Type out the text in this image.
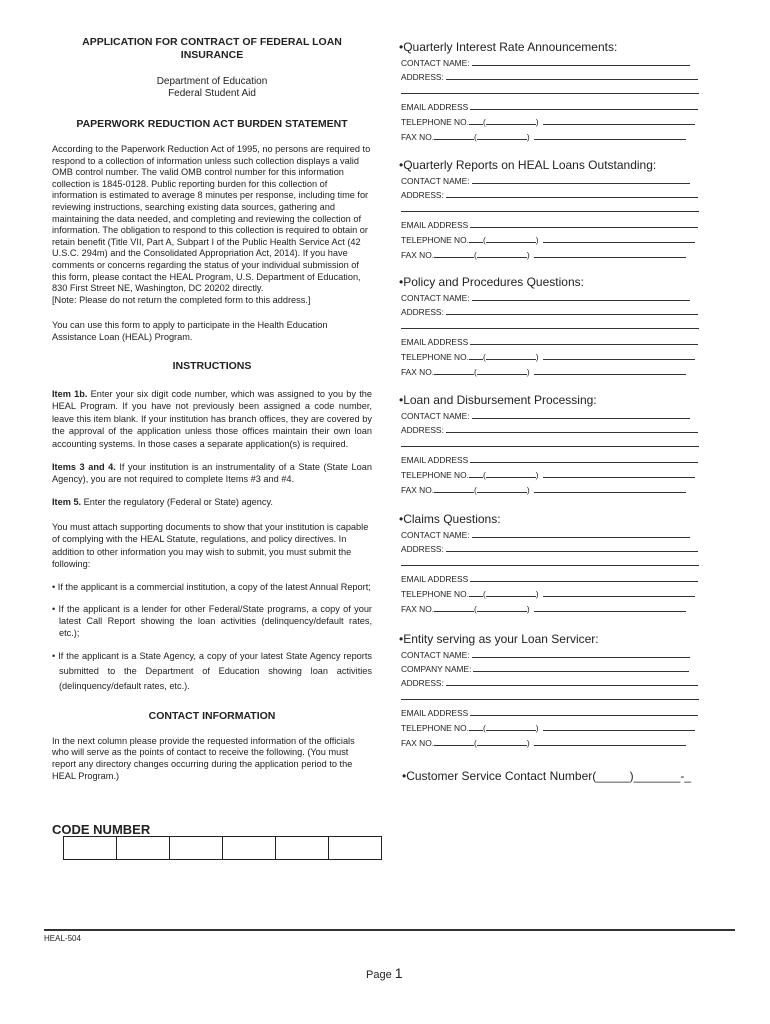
APPLICATION FOR CONTRACT OF FEDERAL LOAN
INSURANCE
Department of Education
Federal Student Aid
PAPERWORK REDUCTION ACT BURDEN STATEMENT
According to the Paperwork Reduction Act of 1995, no persons are required to respond to a collection of information unless such collection displays a valid OMB control number. The valid OMB control number for this information collection is 1845-0128. Public reporting burden for this collection of information is estimated to average 8 minutes per response, including time for reviewing instructions, searching existing data sources, gathering and maintaining the data needed, and completing and reviewing the collection of information. The obligation to respond to this collection is required to obtain or retain benefit (Title VII, Part A, Subpart I of the Public Health Service Act (42 U.S.C. 294m) and the Consolidated Appropriation Act, 2014). If you have comments or concerns regarding the status of your individual submission of this form, please contact the HEAL Program, U.S. Department of Education, 830 First Street NE, Washington, DC 20202 directly.
[Note: Please do not return the completed form to this address.]
You can use this form to apply to participate in the Health Education Assistance Loan (HEAL) Program.
INSTRUCTIONS
Item 1b. Enter your six digit code number, which was assigned to you by the HEAL Program. If you have not previously been assigned a code number, leave this item blank. If your institution has branch offices, they are covered by the approval of the application unless those offices maintain their own loan accounting systems. In those cases a separate application(s) is required.
Items 3 and 4. If your institution is an instrumentality of a State (State Loan Agency), you are not required to complete Items #3 and #4.
Item 5. Enter the regulatory (Federal or State) agency.
You must attach supporting documents to show that your institution is capable of complying with the HEAL Statute, regulations, and policy directives. In addition to other information you may wish to submit, you must submit the following:
• If the applicant is a commercial institution, a copy of the latest Annual Report;
• If the applicant is a lender for other Federal/State programs, a copy of your latest Call Report showing the loan activities (delinquency/default rates, etc.);
• If the applicant is a State Agency, a copy of your latest State Agency reports submitted to the Department of Education showing loan activities (delinquency/default rates, etc.).
CONTACT INFORMATION
In the next column please provide the requested information of the officials who will serve as the points of contact to receive the following. (You must report any directory changes occurring during the application period to the HEAL Program.)
CODE NUMBER
•Quarterly Interest Rate Announcements:
CONTACT NAME:
ADDRESS:
EMAIL ADDRESS
TELEPHONE NO. (	)
FAX NO.	(	)
•Quarterly Reports on HEAL Loans Outstanding:
CONTACT NAME:
ADDRESS:
EMAIL ADDRESS
TELEPHONE NO. (	)
FAX NO.	(	)
•Policy and Procedures Questions:
CONTACT NAME:
ADDRESS:
EMAIL ADDRESS
TELEPHONE NO. (	)
FAX NO.	(	)
•Loan and Disbursement Processing:
CONTACT NAME:
ADDRESS:
EMAIL ADDRESS
TELEPHONE NO. (	)
FAX NO.	(	)
•Claims Questions:
CONTACT NAME:
ADDRESS:
EMAIL ADDRESS
TELEPHONE NO. (	)
FAX NO.	(	)
•Entity serving as your Loan Servicer:
CONTACT NAME:
COMPANY NAME:
ADDRESS:
EMAIL ADDRESS
TELEPHONE NO. (	)
FAX NO.	(	)
•Customer Service Contact Number(_____)_______-_
HEAL-504
Page 1
